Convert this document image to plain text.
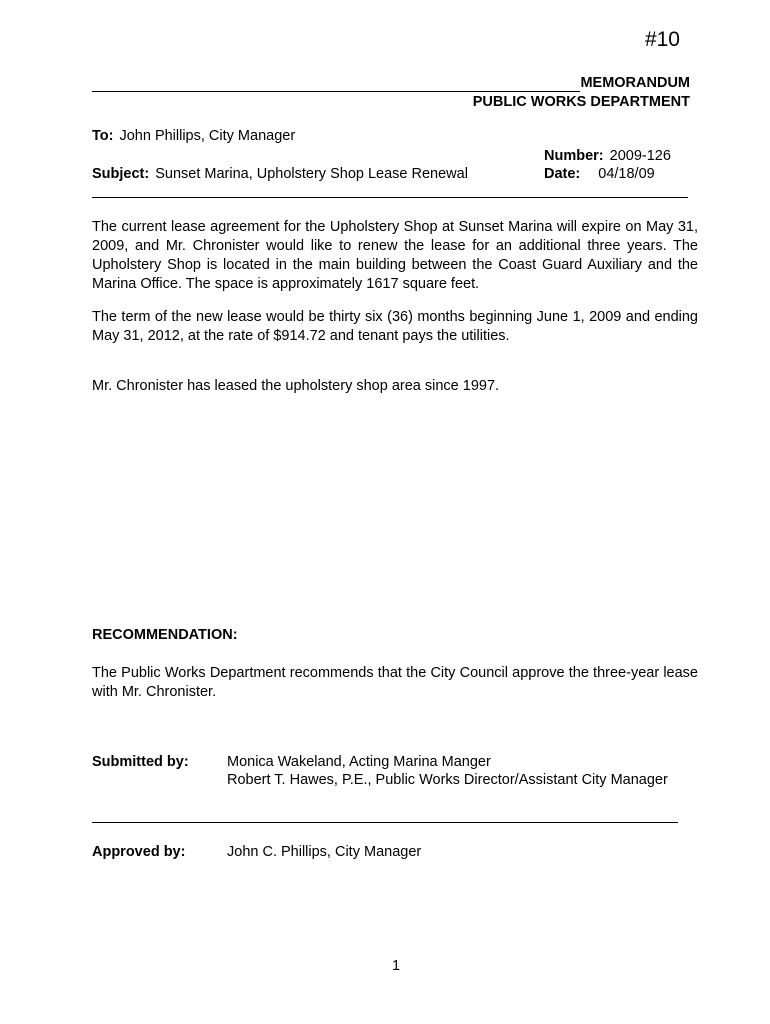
#10
MEMORANDUM
PUBLIC WORKS DEPARTMENT
To: John Phillips, City Manager
Number: 2009-126
Subject: Sunset Marina, Upholstery Shop Lease Renewal	Date: 04/18/09

The current lease agreement for the Upholstery Shop at Sunset Marina will expire on May 31, 2009, and Mr. Chronister would like to renew the lease for an additional three years. The Upholstery Shop is located in the main building between the Coast Guard Auxiliary and the Marina Office. The space is approximately 1617 square feet.

The term of the new lease would be thirty six (36) months beginning June 1, 2009 and ending May 31, 2012, at the rate of $914.72 and tenant pays the utilities.

Mr. Chronister has leased the upholstery shop area since 1997.

RECOMMENDATION:

The Public Works Department recommends that the City Council approve the three-year lease with Mr. Chronister.

Submitted by:	Monica Wakeland, Acting Marina Manger
Robert T. Hawes, P.E., Public Works Director/Assistant City Manager
Approved by:	John C. Phillips, City Manager
1
